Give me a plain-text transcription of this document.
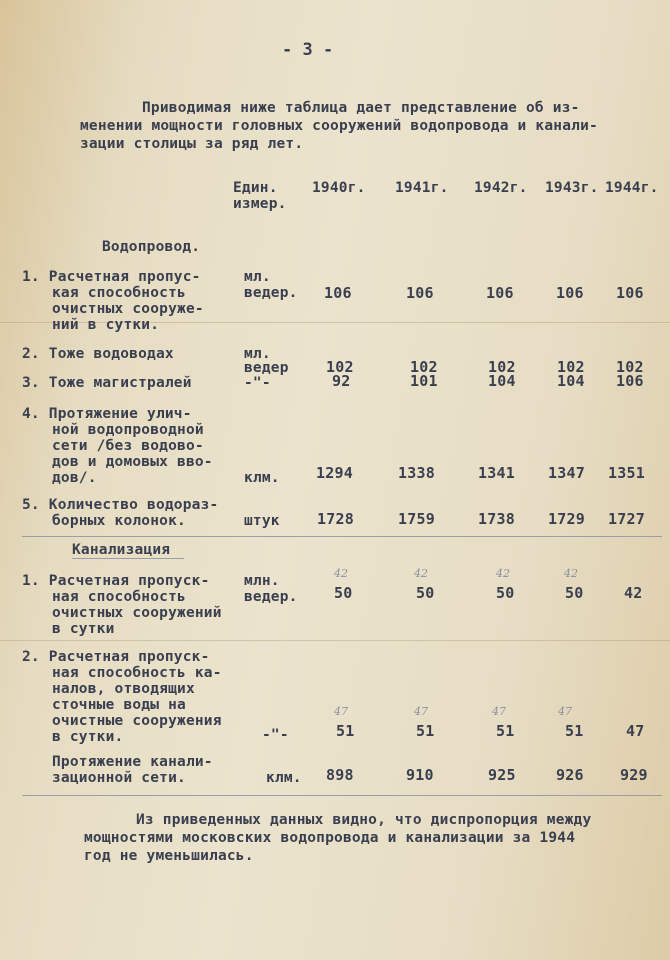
- 3 -
Приводимая ниже таблица дает представление об из-
менении мощности головных сооружений водопровода и канали-
зации столицы за ряд лет.
Един.
измер.
1940г. 1941г. 1942г. 1943г. 1944г.
Водопровод.
1. Расчетная пропус-
кая способность
очистных сооруже-
ний в сутки.
мл.
ведер. 106	106	106	106 106
2. Тоже водоводах	мл.
ведер 102	102	102	102 102
3. Тоже магистралей	-"-	92	101	104	104 106
4. Протяжение улич-
ной водопроводной
сети /без водово-
дов и домовых вво-
дов/.	клм. 1294	1338	1341 1347 1351
5. Количество водораз-
борных колонок.	штук 1728	1759	1738 1729 1727
Канализация
1. Расчетная пропуск-
ная способность
очистных сооружений
в сутки
млн.
ведер.
42	42	42	42
50	50	50	50	42
2. Расчетная пропуск-
ная способность ка-
налов, отводящих
сточные воды на
очистные сооружения
в сутки.	-"-
47	47	47	47
51	51	51	51	47
Протяжение канали-
зационной сети.	клм. 898	910	925	926 929
Из приведенных данных видно, что диспропорция между
мощностями московских водопровода и канализации за 1944
год не уменьшилась.
